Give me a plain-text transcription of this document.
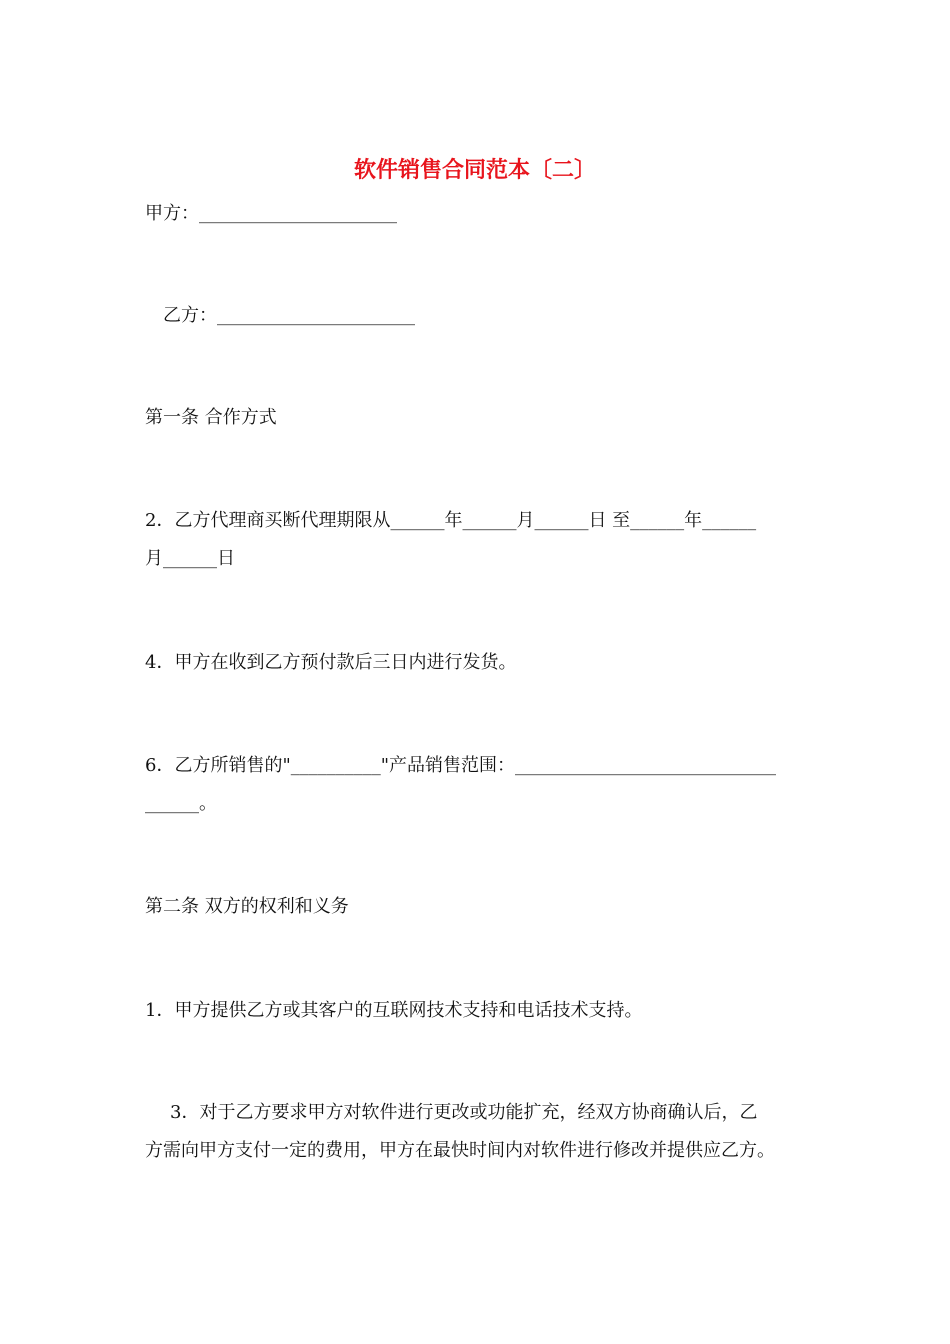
软件销售合同范本〔二〕
甲方：______________________
乙方：______________________
第一条 合作方式
2．乙方代理商买断代理期限从______年______月______日 至______年______
月______日
4．甲方在收到乙方预付款后三日内进行发货。
6．乙方所销售的"__________"产品销售范围：_____________________________
______。
第二条 双方的权利和义务
1．甲方提供乙方或其客户的互联网技术支持和电话技术支持。
3．对于乙方要求甲方对软件进行更改或功能扩充，经双方协商确认后，乙
方需向甲方支付一定的费用，甲方在最快时间内对软件进行修改并提供应乙方。
